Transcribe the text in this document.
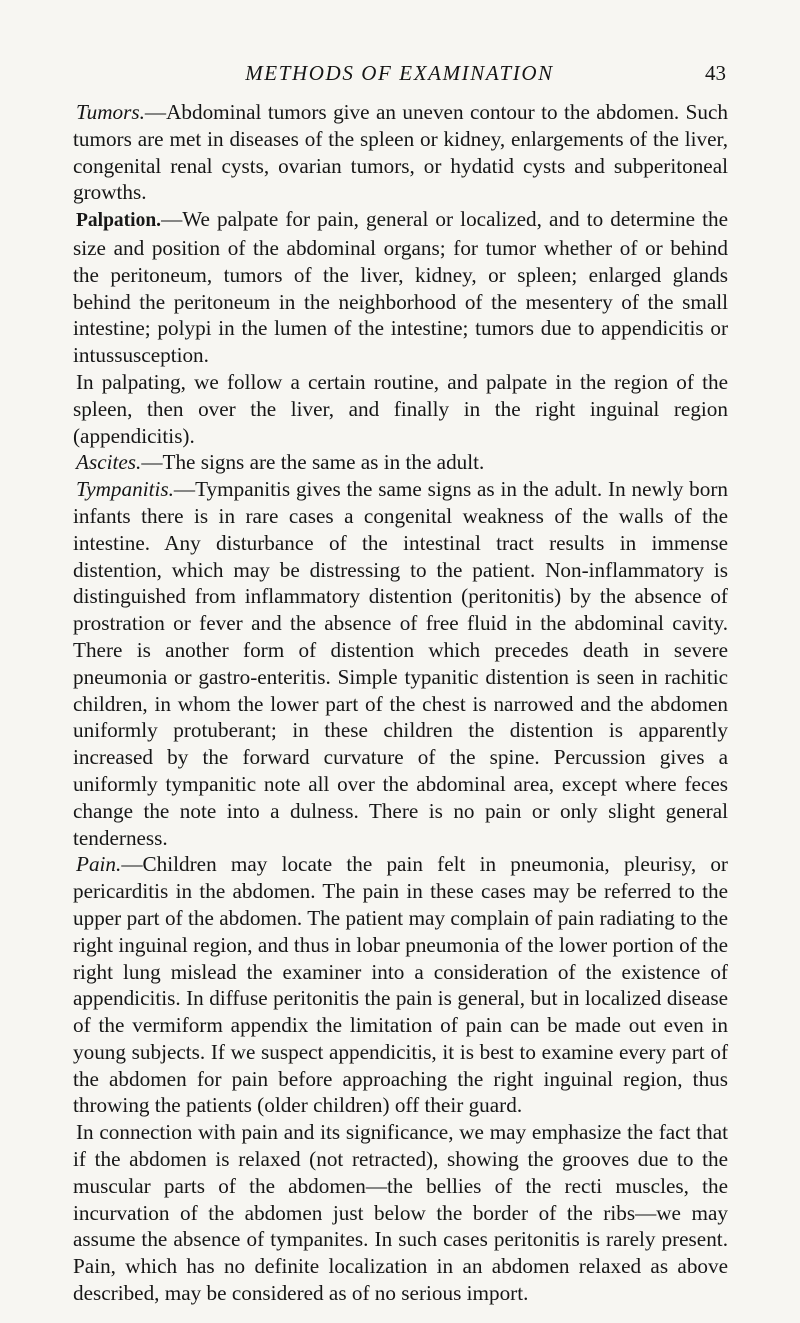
METHODS OF EXAMINATION	43

Tumors.—Abdominal tumors give an uneven contour to the abdomen. Such tumors are met in diseases of the spleen or kidney, enlargements of the liver, congenital renal cysts, ovarian tumors, or hydatid cysts and subperitoneal growths.

Palpation.—We palpate for pain, general or localized, and to determine the size and position of the abdominal organs; for tumor whether of or behind the peritoneum, tumors of the liver, kidney, or spleen; enlarged glands behind the peritoneum in the neighborhood of the mesentery of the small intestine; polypi in the lumen of the intestine; tumors due to appendicitis or intussusception.

In palpating, we follow a certain routine, and palpate in the region of the spleen, then over the liver, and finally in the right inguinal region (appendicitis).

Ascites.—The signs are the same as in the adult.

Tympanitis.—Tympanitis gives the same signs as in the adult. In newly born infants there is in rare cases a congenital weakness of the walls of the intestine. Any disturbance of the intestinal tract results in immense distention, which may be distressing to the patient. Non-inflammatory is distinguished from inflammatory distention (peritonitis) by the absence of prostration or fever and the absence of free fluid in the abdominal cavity. There is another form of distention which precedes death in severe pneumonia or gastro-enteritis. Simple typanitic distention is seen in rachitic children, in whom the lower part of the chest is narrowed and the abdomen uniformly protuberant; in these children the distention is apparently increased by the forward curvature of the spine. Percussion gives a uniformly tympanitic note all over the abdominal area, except where feces change the note into a dulness. There is no pain or only slight general tenderness.

Pain.—Children may locate the pain felt in pneumonia, pleurisy, or pericarditis in the abdomen. The pain in these cases may be referred to the upper part of the abdomen. The patient may complain of pain radiating to the right inguinal region, and thus in lobar pneumonia of the lower portion of the right lung mislead the examiner into a consideration of the existence of appendicitis. In diffuse peritonitis the pain is general, but in localized disease of the vermiform appendix the limitation of pain can be made out even in young subjects. If we suspect appendicitis, it is best to examine every part of the abdomen for pain before approaching the right inguinal region, thus throwing the patients (older children) off their guard.

In connection with pain and its significance, we may emphasize the fact that if the abdomen is relaxed (not retracted), showing the grooves due to the muscular parts of the abdomen—the bellies of the recti muscles, the incurvation of the abdomen just below the border of the ribs—we may assume the absence of tympanites. In such cases peritonitis is rarely present. Pain, which has no definite localization in an abdomen relaxed as above described, may be considered as of no serious import.
